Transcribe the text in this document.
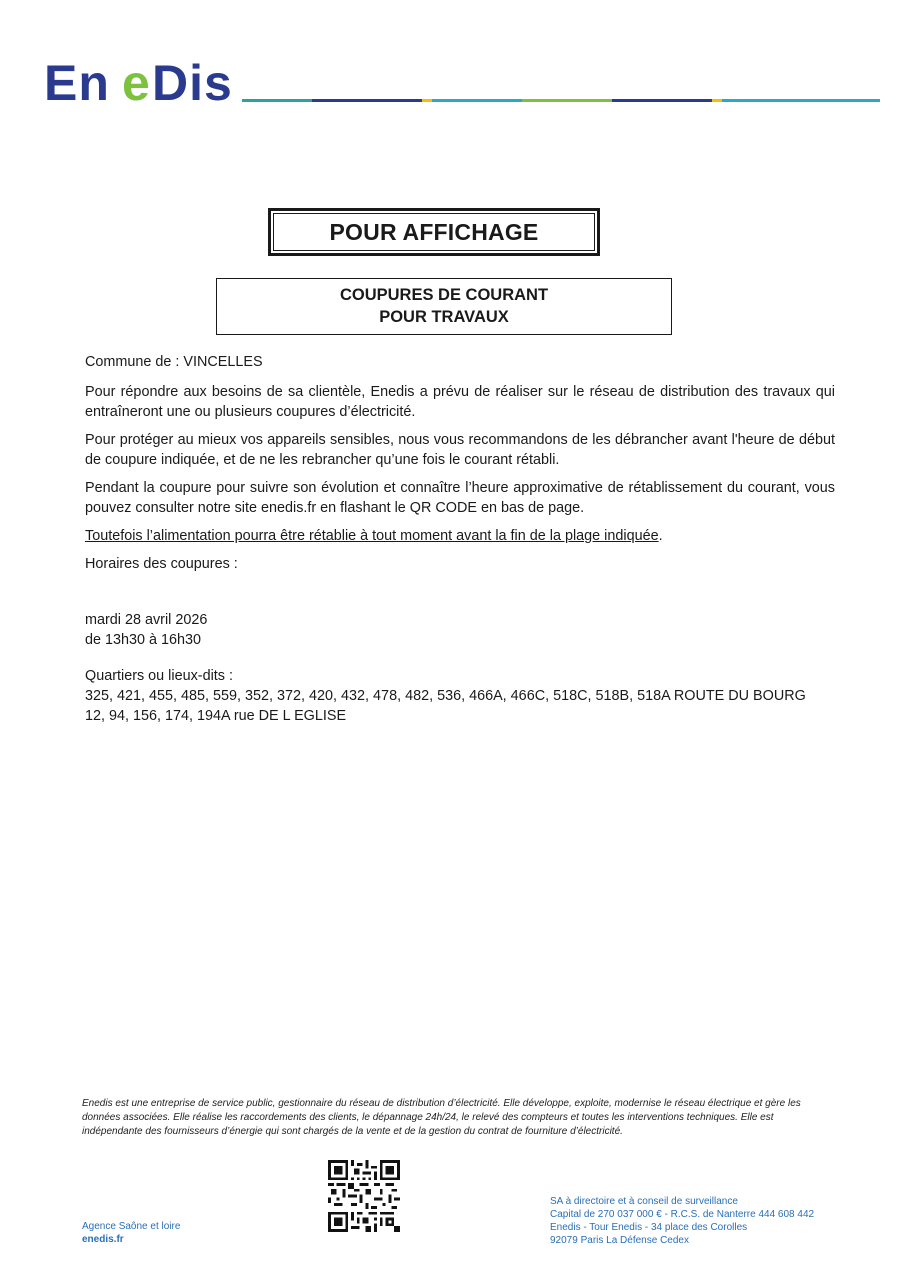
En e Dis
POUR AFFICHAGE
COUPURES DE COURANT
POUR TRAVAUX

Commune de : VINCELLES

Pour répondre aux besoins de sa clientèle, Enedis a prévu de réaliser sur le réseau de distribution des travaux qui entraîneront une ou plusieurs coupures d’électricité.

Pour protéger au mieux vos appareils sensibles, nous vous recommandons de les débrancher avant l'heure de début de coupure indiquée, et de ne les rebrancher qu’une fois le courant rétabli.

Pendant la coupure pour suivre son évolution et connaître l’heure approximative de rétablissement du courant, vous pouvez consulter notre site enedis.fr en flashant le QR CODE en bas de page.

Toutefois l’alimentation pourra être rétablie à tout moment avant la fin de la plage indiquée.

Horaires des coupures :

mardi 28 avril 2026

de 13h30 à 16h30

Quartiers ou lieux-dits :

325, 421, 455, 485, 559, 352, 372, 420, 432, 478, 482, 536, 466A, 466C, 518C, 518B, 518A ROUTE DU BOURG

12, 94, 156, 174, 194A rue DE L EGLISE

Enedis est une entreprise de service public, gestionnaire du réseau de distribution d’électricité. Elle développe, exploite, modernise le réseau électrique et gère les données associées. Elle réalise les raccordements des clients, le dépannage 24h/24, le relevé des compteurs et toutes les interventions techniques. Elle est indépendante des fournisseurs d’énergie qui sont chargés de la vente et de la gestion du contrat de fourniture d’électricité.
Agence Saône et loire
enedis.fr
SA à directoire et à conseil de surveillance
Capital de 270 037 000 € - R.C.S. de Nanterre 444 608 442
Enedis - Tour Enedis - 34 place des Corolles
92079 Paris La Défense Cedex
